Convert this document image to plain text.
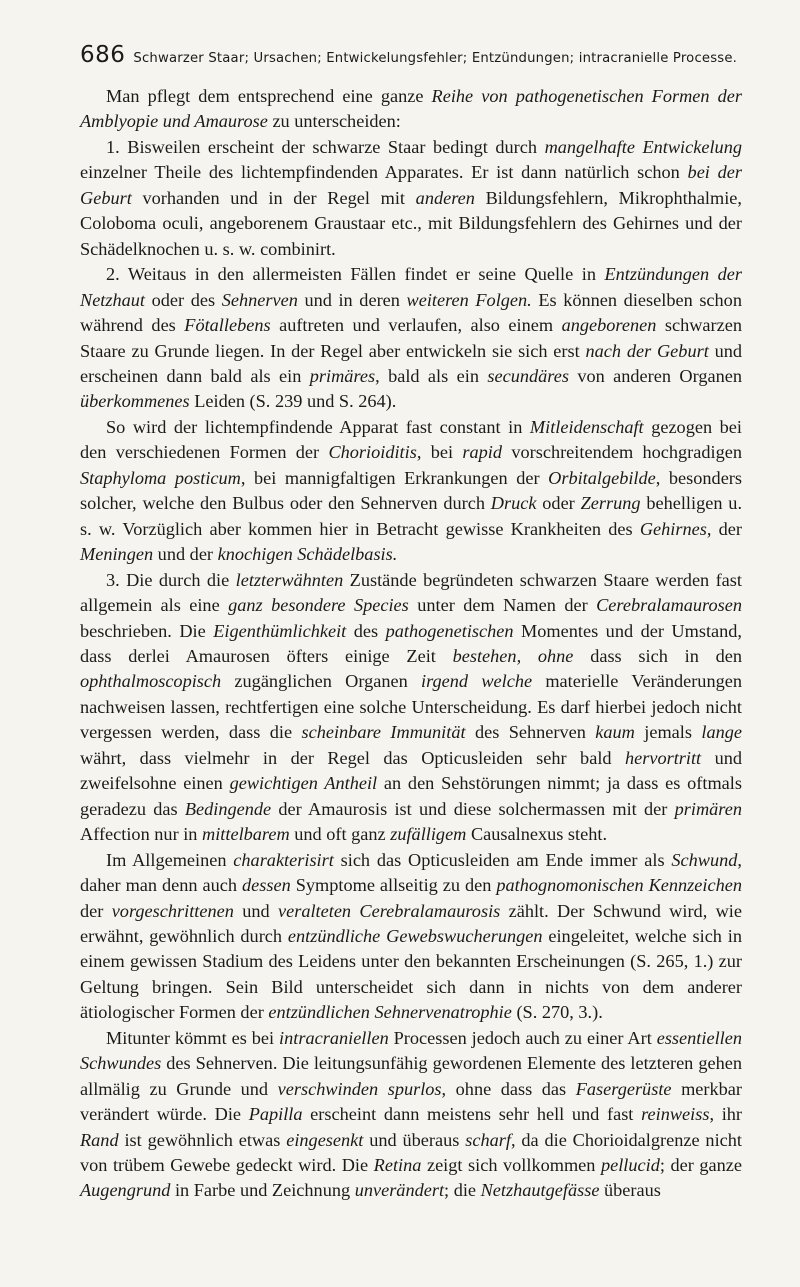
686 Schwarzer Staar; Ursachen; Entwickelungsfehler; Entzündungen; intracranielle Processe.

Man pflegt dem entsprechend eine ganze Reihe von pathogenetischen Formen der Amblyopie und Amaurose zu unterscheiden:

1. Bisweilen erscheint der schwarze Staar bedingt durch mangelhafte Entwickelung einzelner Theile des lichtempfindenden Apparates. Er ist dann natürlich schon bei der Geburt vorhanden und in der Regel mit anderen Bildungsfehlern, Mikrophthalmie, Coloboma oculi, angeborenem Graustaar etc., mit Bildungsfehlern des Gehirnes und der Schädelknochen u. s. w. combinirt.

2. Weitaus in den allermeisten Fällen findet er seine Quelle in Entzündungen der Netzhaut oder des Sehnerven und in deren weiteren Folgen. Es können dieselben schon während des Fötallebens auftreten und verlaufen, also einem angeborenen schwarzen Staare zu Grunde liegen. In der Regel aber entwickeln sie sich erst nach der Geburt und erscheinen dann bald als ein primäres, bald als ein secundäres von anderen Organen überkommenes Leiden (S. 239 und S. 264).

So wird der lichtempfindende Apparat fast constant in Mitleidenschaft gezogen bei den verschiedenen Formen der Chorioiditis, bei rapid vorschreitendem hochgradigen Staphyloma posticum, bei mannigfaltigen Erkrankungen der Orbitalgebilde, besonders solcher, welche den Bulbus oder den Sehnerven durch Druck oder Zerrung behelligen u. s. w. Vorzüglich aber kommen hier in Betracht gewisse Krankheiten des Gehirnes, der Meningen und der knochigen Schädelbasis.

3. Die durch die letzterwähnten Zustände begründeten schwarzen Staare werden fast allgemein als eine ganz besondere Species unter dem Namen der Cerebralamaurosen beschrieben. Die Eigenthümlichkeit des pathogenetischen Momentes und der Umstand, dass derlei Amaurosen öfters einige Zeit bestehen, ohne dass sich in den ophthalmoscopisch zugänglichen Organen irgend welche materielle Veränderungen nachweisen lassen, rechtfertigen eine solche Unterscheidung. Es darf hierbei jedoch nicht vergessen werden, dass die scheinbare Immunität des Sehnerven kaum jemals lange währt, dass vielmehr in der Regel das Opticusleiden sehr bald hervortritt und zweifelsohne einen gewichtigen Antheil an den Sehstörungen nimmt; ja dass es oftmals geradezu das Bedingende der Amaurosis ist und diese solchermassen mit der primären Affection nur in mittelbarem und oft ganz zufälligem Causalnexus steht.

Im Allgemeinen charakterisirt sich das Opticusleiden am Ende immer als Schwund, daher man denn auch dessen Symptome allseitig zu den pathognomonischen Kennzeichen der vorgeschrittenen und veralteten Cerebralamaurosis zählt. Der Schwund wird, wie erwähnt, gewöhnlich durch entzündliche Gewebswucherungen eingeleitet, welche sich in einem gewissen Stadium des Leidens unter den bekannten Erscheinungen (S. 265, 1.) zur Geltung bringen. Sein Bild unterscheidet sich dann in nichts von dem anderer ätiologischer Formen der entzündlichen Sehnervenatrophie (S. 270, 3.).

Mitunter kömmt es bei intracraniellen Processen jedoch auch zu einer Art essentiellen Schwundes des Sehnerven. Die leitungsunfähig gewordenen Elemente des letzteren gehen allmälig zu Grunde und verschwinden spurlos, ohne dass das Fasergerüste merkbar verändert würde. Die Papilla erscheint dann meistens sehr hell und fast reinweiss, ihr Rand ist gewöhnlich etwas eingesenkt und überaus scharf, da die Chorioidalgrenze nicht von trübem Gewebe gedeckt wird. Die Retina zeigt sich vollkommen pellucid; der ganze Augengrund in Farbe und Zeichnung unverändert; die Netzhautgefässe überaus
